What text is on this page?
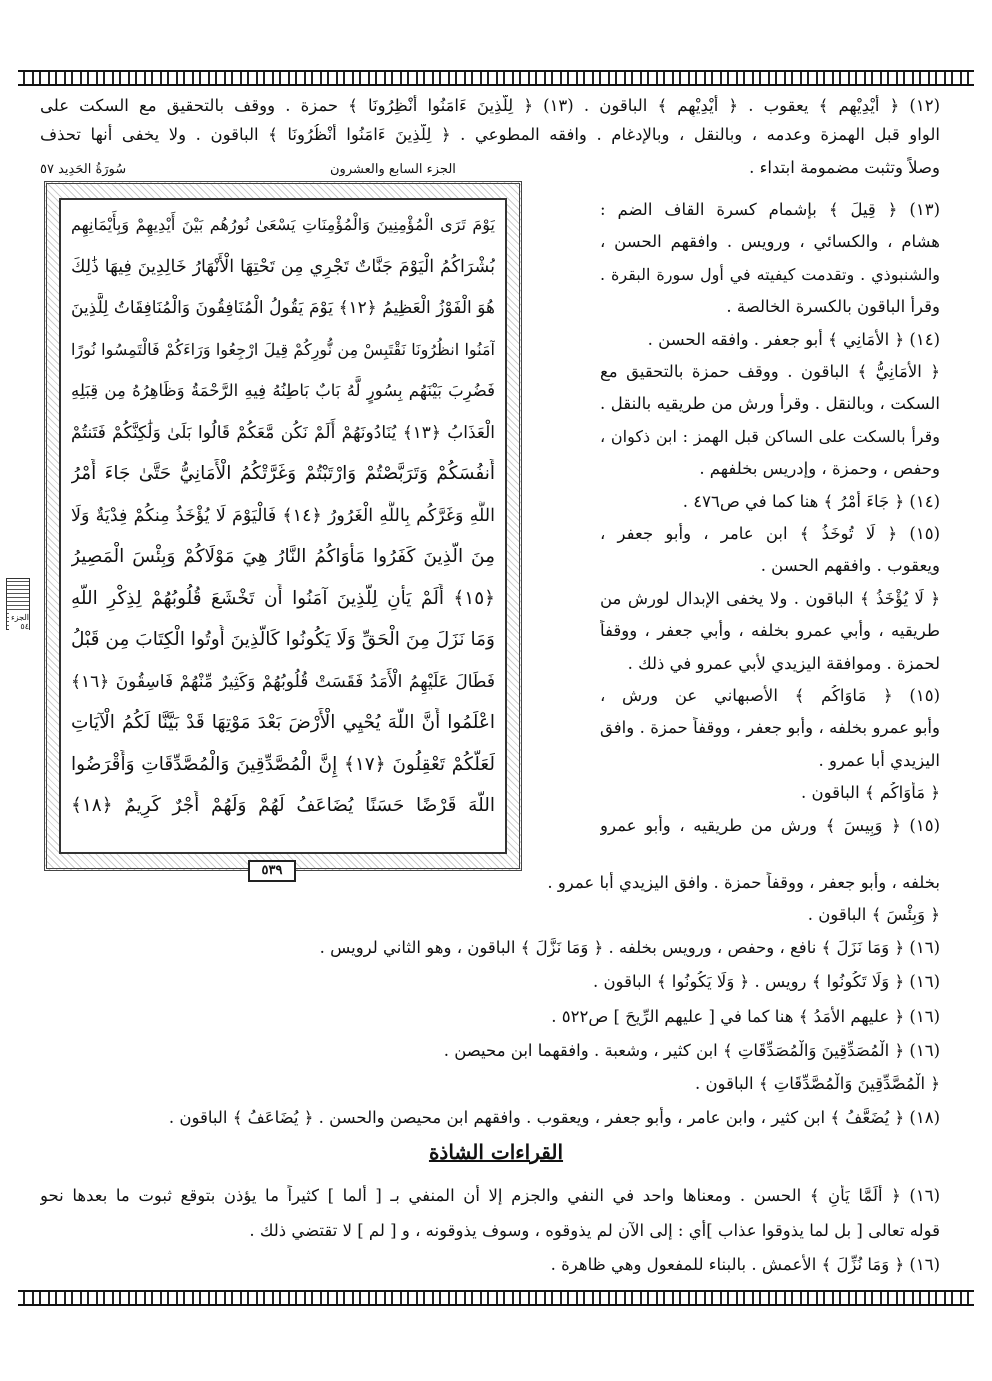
(١٢) ﴿ أَيْدِيْهِم ﴾ يعقوب . ﴿ أَيْدِيْهِم ﴾ الباقون . (١٣) ﴿ لِلَّذِينَ ءَامَنُوا أَنْظِرُونَا ﴾ حمزة . ووقف بالتحقيق مع السكت على
الواو قبل الهمزة وعدمه ، وبالنقل ، وبالإدغام . وافقه المطوعي . ﴿ لِلَّذِينَ ءَامَنُوا أَنْظُرُونَا ﴾ الباقون . ولا يخفى أنها تحذف
وصلاً وتثبت مضمومة ابتداء .
سُورَةُ الحَدِيد ٥٧	الجزء السابع والعشرون
(١٣) ﴿ قِيلَ ﴾ بإشمام كسرة القاف الضم :
هشام ، والكسائي ، ورويس . وافقهم الحسن ،
والشنبوذي . وتقدمت كيفيته في أول سورة البقرة .
وقرأ الباقون بالكسرة الخالصة .
(١٤) ﴿ الأَمَانِي ﴾ أبو جعفر . وافقه الحسن .
﴿ الأَمَانِيُّ ﴾ الباقون . ووقف حمزة بالتحقيق مع
السكت ، وبالنقل . وقرأ ورش من طريقيه بالنقل .
وقرأ بالسكت على الساكن قبل الهمز : ابن ذكوان ،
وحفص ، وحمزة ، وإدريس بخلفهم .
(١٤) ﴿ جَاءَ أَمْرُ ﴾ هنا كما في ص٤٧٦ .
(١٥) ﴿ لَا تُوخَذُ ﴾ ابن عامر ، وأبو جعفر ،
ويعقوب . وافقهم الحسن .
﴿ لَا يُؤْخَذُ ﴾ الباقون . ولا يخفى الإبدال لورش من
طريقيه ، وأبي عمرو بخلفه ، وأبي جعفر ، ووقفاً
لحمزة . وموافقة اليزيدي لأبي عمرو في ذلك .
(١٥) ﴿ مَاوَاكُم ﴾ الأصبهاني عن ورش ،
وأبو عمرو بخلفه ، وأبو جعفر ، ووقفاً حمزة . وافق
اليزيدي أبا عمرو .
﴿ مَأْوَاكُم ﴾ الباقون .
(١٥) ﴿ وَبِيسَ ﴾ ورش من طريقيه ، وأبو عمرو
يَوْمَ تَرَى الْمُؤْمِنِينَ وَالْمُؤْمِنَاتِ يَسْعَىٰ نُورُهُم بَيْنَ أَيْدِيهِمْ وَبِأَيْمَانِهِم
بُشْرَاكُمُ الْيَوْمَ جَنَّاتٌ تَجْرِي مِن تَحْتِهَا الْأَنْهَارُ خَالِدِينَ فِيهَا ذَٰلِكَ
هُوَ الْفَوْزُ الْعَظِيمُ ﴿١٢﴾ يَوْمَ يَقُولُ الْمُنَافِقُونَ وَالْمُنَافِقَاتُ لِلَّذِينَ
آمَنُوا انظُرُونَا نَقْتَبِسْ مِن نُّورِكُمْ قِيلَ ارْجِعُوا وَرَاءَكُمْ فَالْتَمِسُوا نُورًا
فَضُرِبَ بَيْنَهُم بِسُورٍ لَّهُ بَابٌ بَاطِنُهُ فِيهِ الرَّحْمَةُ وَظَاهِرُهُ مِن قِبَلِهِ
الْعَذَابُ ﴿١٣﴾ يُنَادُونَهُمْ أَلَمْ نَكُن مَّعَكُمْ قَالُوا بَلَىٰ وَلَٰكِنَّكُمْ فَتَنتُمْ
أَنفُسَكُمْ وَتَرَبَّصْتُمْ وَارْتَبْتُمْ وَغَرَّتْكُمُ الْأَمَانِيُّ حَتَّىٰ جَاءَ أَمْرُ
اللَّهِ وَغَرَّكُم بِاللَّهِ الْغَرُورُ ﴿١٤﴾ فَالْيَوْمَ لَا يُؤْخَذُ مِنكُمْ فِدْيَةٌ وَلَا
مِنَ الَّذِينَ كَفَرُوا مَأْوَاكُمُ النَّارُ هِيَ مَوْلَاكُمْ وَبِئْسَ الْمَصِيرُ
﴿١٥﴾ أَلَمْ يَأْنِ لِلَّذِينَ آمَنُوا أَن تَخْشَعَ قُلُوبُهُمْ لِذِكْرِ اللَّهِ
وَمَا نَزَلَ مِنَ الْحَقِّ وَلَا يَكُونُوا كَالَّذِينَ أُوتُوا الْكِتَابَ مِن قَبْلُ
فَطَالَ عَلَيْهِمُ الْأَمَدُ فَقَسَتْ قُلُوبُهُمْ وَكَثِيرٌ مِّنْهُمْ فَاسِقُونَ ﴿١٦﴾
اعْلَمُوا أَنَّ اللَّهَ يُحْيِي الْأَرْضَ بَعْدَ مَوْتِهَا قَدْ بَيَّنَّا لَكُمُ الْآيَاتِ
لَعَلَّكُمْ تَعْقِلُونَ ﴿١٧﴾ إِنَّ الْمُصَّدِّقِينَ وَالْمُصَّدِّقَاتِ وَأَقْرَضُوا
اللَّهَ قَرْضًا حَسَنًا يُضَاعَفُ لَهُمْ وَلَهُمْ أَجْرٌ كَرِيمٌ ﴿١٨﴾
٥٣٩
الجزء ٥٤
بخلفه ، وأبو جعفر ، ووقفاً حمزة . وافق اليزيدي أبا عمرو .
﴿ وَبِئْسَ ﴾ الباقون .
(١٦) ﴿ وَمَا نَزَلَ ﴾ نافع ، وحفص ، ورويس بخلفه . ﴿ وَمَا نَزَّلَ ﴾ الباقون ، وهو الثاني لرويس .
(١٦) ﴿ وَلَا تَكُونُوا ﴾ رويس . ﴿ وَلَا يَكُونُوا ﴾ الباقون .
(١٦) ﴿ عليهم الأَمَدُ ﴾ هنا كما في [ عليهم الرِّيحَ ] ص٥٢٢ .
(١٦) ﴿ الْمُصَدِّقِينَ وَالْمُصَدِّقَاتِ ﴾ ابن كثير ، وشعبة . وافقهما ابن محيصن .
﴿ الْمُصَّدِّقِينَ وَالْمُصَّدِّقَاتِ ﴾ الباقون .
(١٨) ﴿ يُضَعَّفُ ﴾ ابن كثير ، وابن عامر ، وأبو جعفر ، ويعقوب . وافقهم ابن محيصن والحسن . ﴿ يُضَاعَفُ ﴾ الباقون .
القراءات الشاذة
(١٦) ﴿ أَلَمَّا يَأْنِ ﴾ الحسن . ومعناها واحد في النفي والجزم إلا أن المنفي بـ [ ألما ] كثيراً ما يؤذن بتوقع ثبوت ما بعدها نحو
قوله تعالى [ بل لما يذوقوا عذاب ]أي : إلى الآن لم يذوقوه ، وسوف يذوقونه ، و [ لم ] لا تقتضي ذلك .
(١٦) ﴿ وَمَا نُزِّلَ ﴾ الأعمش . بالبناء للمفعول وهي ظاهرة .
